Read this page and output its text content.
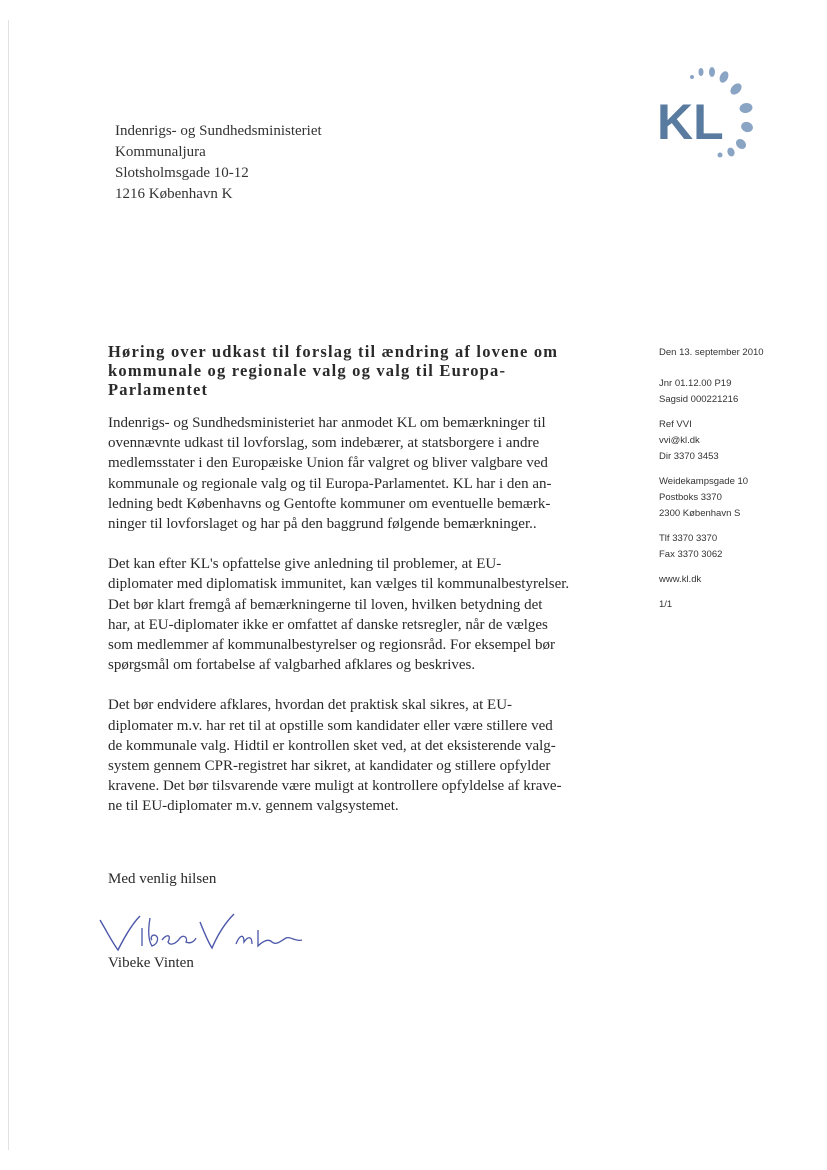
KL
Indenrigs- og Sundhedsministeriet
Kommunaljura
Slotsholmsgade 10-12
1216 København K
Høring over udkast til forslag til ændring af lovene om
kommunale og regionale valg og valg til Europa-
Parlamentet

Indenrigs- og Sundhedsministeriet har anmodet KL om bemærkninger til
ovennævnte udkast til lovforslag, som indebærer, at statsborgere i andre
medlemsstater i den Europæiske Union får valgret og bliver valgbare ved
kommunale og regionale valg og til Europa-Parlamentet. KL har i den an-
ledning bedt Københavns og Gentofte kommuner om eventuelle bemærk-
ninger til lovforslaget og har på den baggrund følgende bemærkninger..

Det kan efter KL's opfattelse give anledning til problemer, at EU-
diplomater med diplomatisk immunitet, kan vælges til kommunalbestyrelser.
Det bør klart fremgå af bemærkningerne til loven, hvilken betydning det
har, at EU-diplomater ikke er omfattet af danske retsregler, når de vælges
som medlemmer af kommunalbestyrelser og regionsråd. For eksempel bør
spørgsmål om fortabelse af valgbarhed afklares og beskrives.

Det bør endvidere afklares, hvordan det praktisk skal sikres, at EU-
diplomater m.v. har ret til at opstille som kandidater eller være stillere ved
de kommunale valg. Hidtil er kontrollen sket ved, at det eksisterende valg-
system gennem CPR-registret har sikret, at kandidater og stillere opfylder
kravene. Det bør tilsvarende være muligt at kontrollere opfyldelse af krave-
ne til EU-diplomater m.v. gennem valgsystemet.

Med venlig hilsen
Vibeke Vinten
Den 13. september 2010
Jnr 01.12.00 P19
Sagsid 000221216
Ref VVI
vvi@kl.dk
Dir 3370 3453
Weidekampsgade 10
Postboks 3370
2300 København S
Tlf 3370 3370
Fax 3370 3062
www.kl.dk
1/1
